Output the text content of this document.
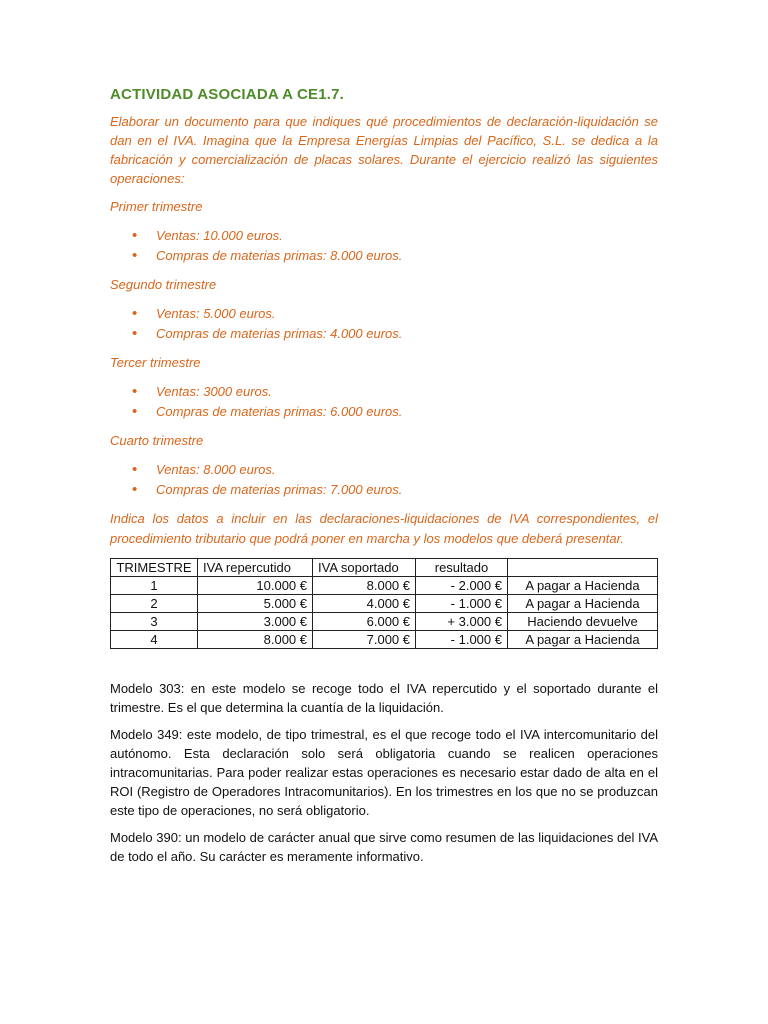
ACTIVIDAD ASOCIADA A CE1.7.

Elaborar un documento para que indiques qué procedimientos de declaración-liquidación se dan en el IVA. Imagina que la Empresa Energías Limpias del Pacífico, S.L. se dedica a la fabricación y comercialización de placas solares. Durante el ejercicio realizó las siguientes operaciones:

Primer trimestre

• Ventas: 10.000 euros.
• Compras de materias primas: 8.000 euros.

Segundo trimestre

• Ventas: 5.000 euros.
• Compras de materias primas: 4.000 euros.

Tercer trimestre

• Ventas: 3000 euros.
• Compras de materias primas: 6.000 euros.

Cuarto trimestre

• Ventas: 8.000 euros.
• Compras de materias primas: 7.000 euros.

Indica los datos a incluir en las declaraciones-liquidaciones de IVA correspondientes, el procedimiento tributario que podrá poner en marcha y los modelos que deberá presentar.

TRIMESTRE	IVA repercutido	IVA soportado	resultado	
1	10.000 €	8.000 €	- 2.000 €	A pagar a Hacienda
2	5.000 €	4.000 €	- 1.000 €	A pagar a Hacienda
3	3.000 €	6.000 €	+ 3.000 €	Haciendo devuelve
4	8.000 €	7.000 €	- 1.000 €	A pagar a Hacienda

Modelo 303: en este modelo se recoge todo el IVA repercutido y el soportado durante el trimestre. Es el que determina la cuantía de la liquidación.

Modelo 349: este modelo, de tipo trimestral, es el que recoge todo el IVA intercomunitario del autónomo. Esta declaración solo será obligatoria cuando se realicen operaciones intracomunitarias. Para poder realizar estas operaciones es necesario estar dado de alta en el ROI (Registro de Operadores Intracomunitarios). En los trimestres en los que no se produzcan este tipo de operaciones, no será obligatorio.

Modelo 390: un modelo de carácter anual que sirve como resumen de las liquidaciones del IVA de todo el año. Su carácter es meramente informativo.
